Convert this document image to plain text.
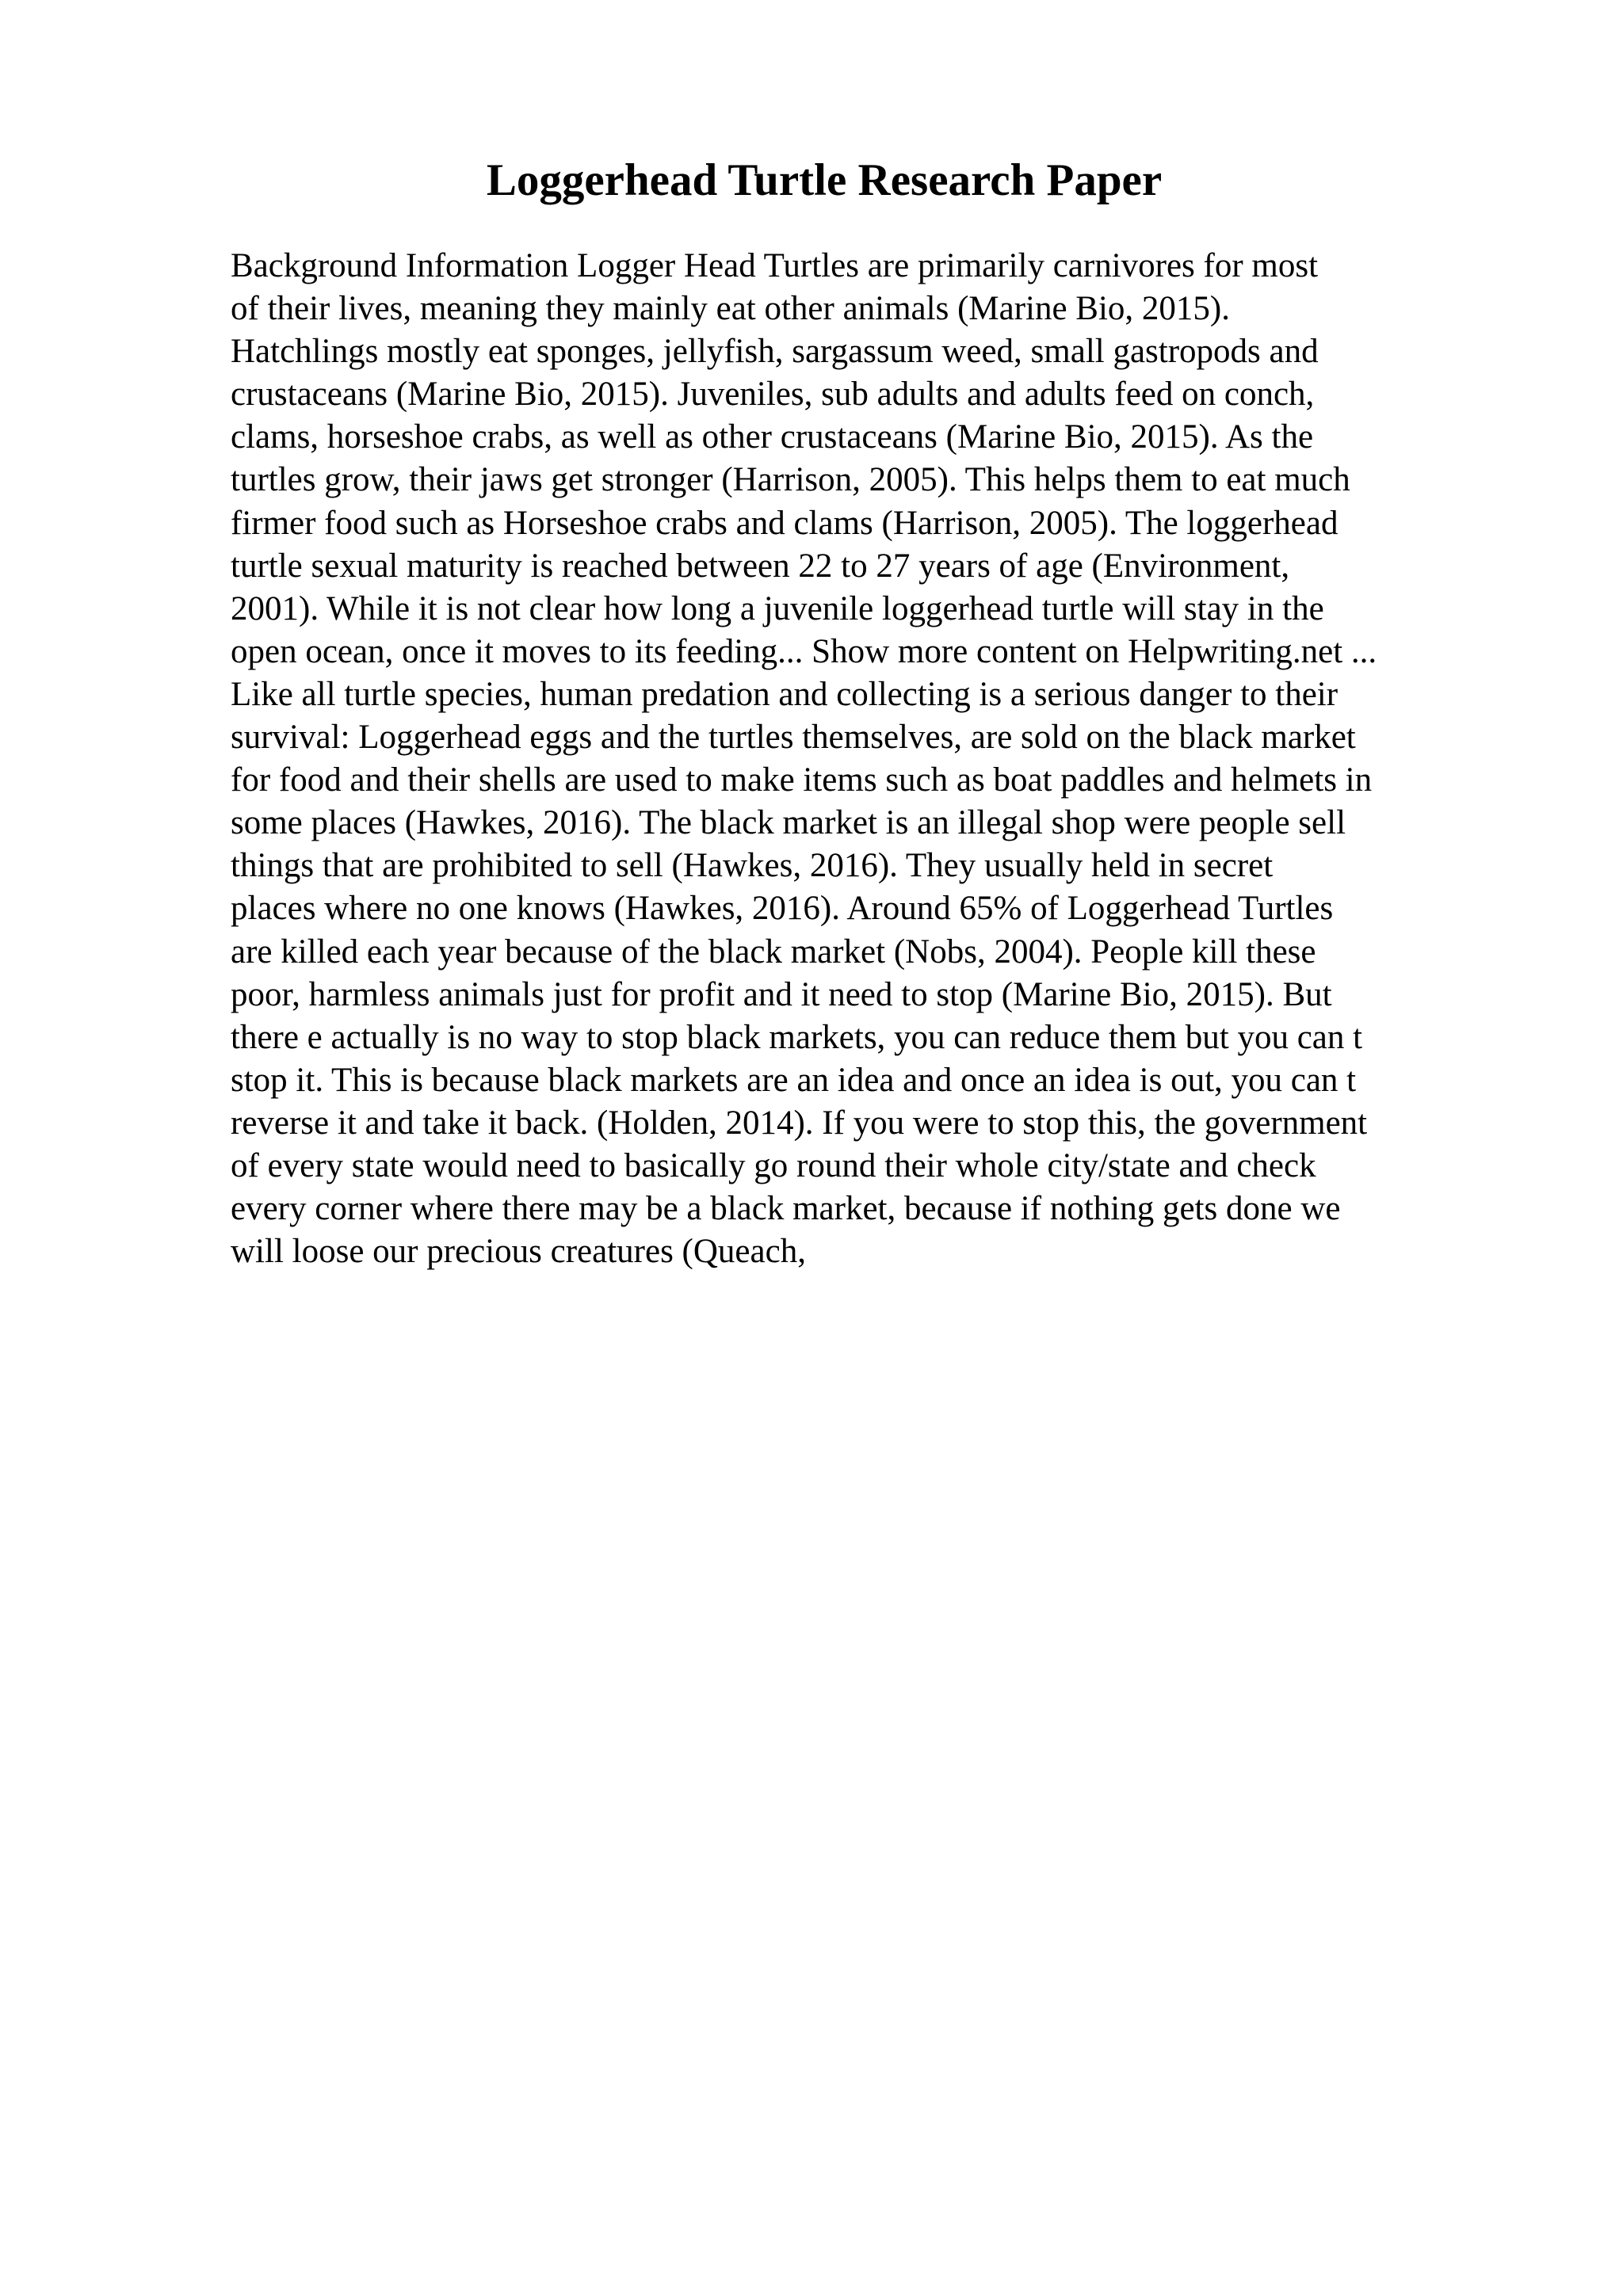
Loggerhead Turtle Research Paper
Background Information Logger Head Turtles are primarily carnivores for most
of their lives, meaning they mainly eat other animals (Marine Bio, 2015).
Hatchlings mostly eat sponges, jellyfish, sargassum weed, small gastropods and
crustaceans (Marine Bio, 2015). Juveniles, sub adults and adults feed on conch,
clams, horseshoe crabs, as well as other crustaceans (Marine Bio, 2015). As the
turtles grow, their jaws get stronger (Harrison, 2005). This helps them to eat much
firmer food such as Horseshoe crabs and clams (Harrison, 2005). The loggerhead
turtle sexual maturity is reached between 22 to 27 years of age (Environment,
2001). While it is not clear how long a juvenile loggerhead turtle will stay in the
open ocean, once it moves to its feeding... Show more content on Helpwriting.net ...
Like all turtle species, human predation and collecting is a serious danger to their
survival: Loggerhead eggs and the turtles themselves, are sold on the black market
for food and their shells are used to make items such as boat paddles and helmets in
some places (Hawkes, 2016). The black market is an illegal shop were people sell
things that are prohibited to sell (Hawkes, 2016). They usually held in secret
places where no one knows (Hawkes, 2016). Around 65% of Loggerhead Turtles
are killed each year because of the black market (Nobs, 2004). People kill these
poor, harmless animals just for profit and it need to stop (Marine Bio, 2015). But
there e actually is no way to stop black markets, you can reduce them but you can t
stop it. This is because black markets are an idea and once an idea is out, you can t
reverse it and take it back. (Holden, 2014). If you were to stop this, the government
of every state would need to basically go round their whole city/state and check
every corner where there may be a black market, because if nothing gets done we
will loose our precious creatures (Queach,
